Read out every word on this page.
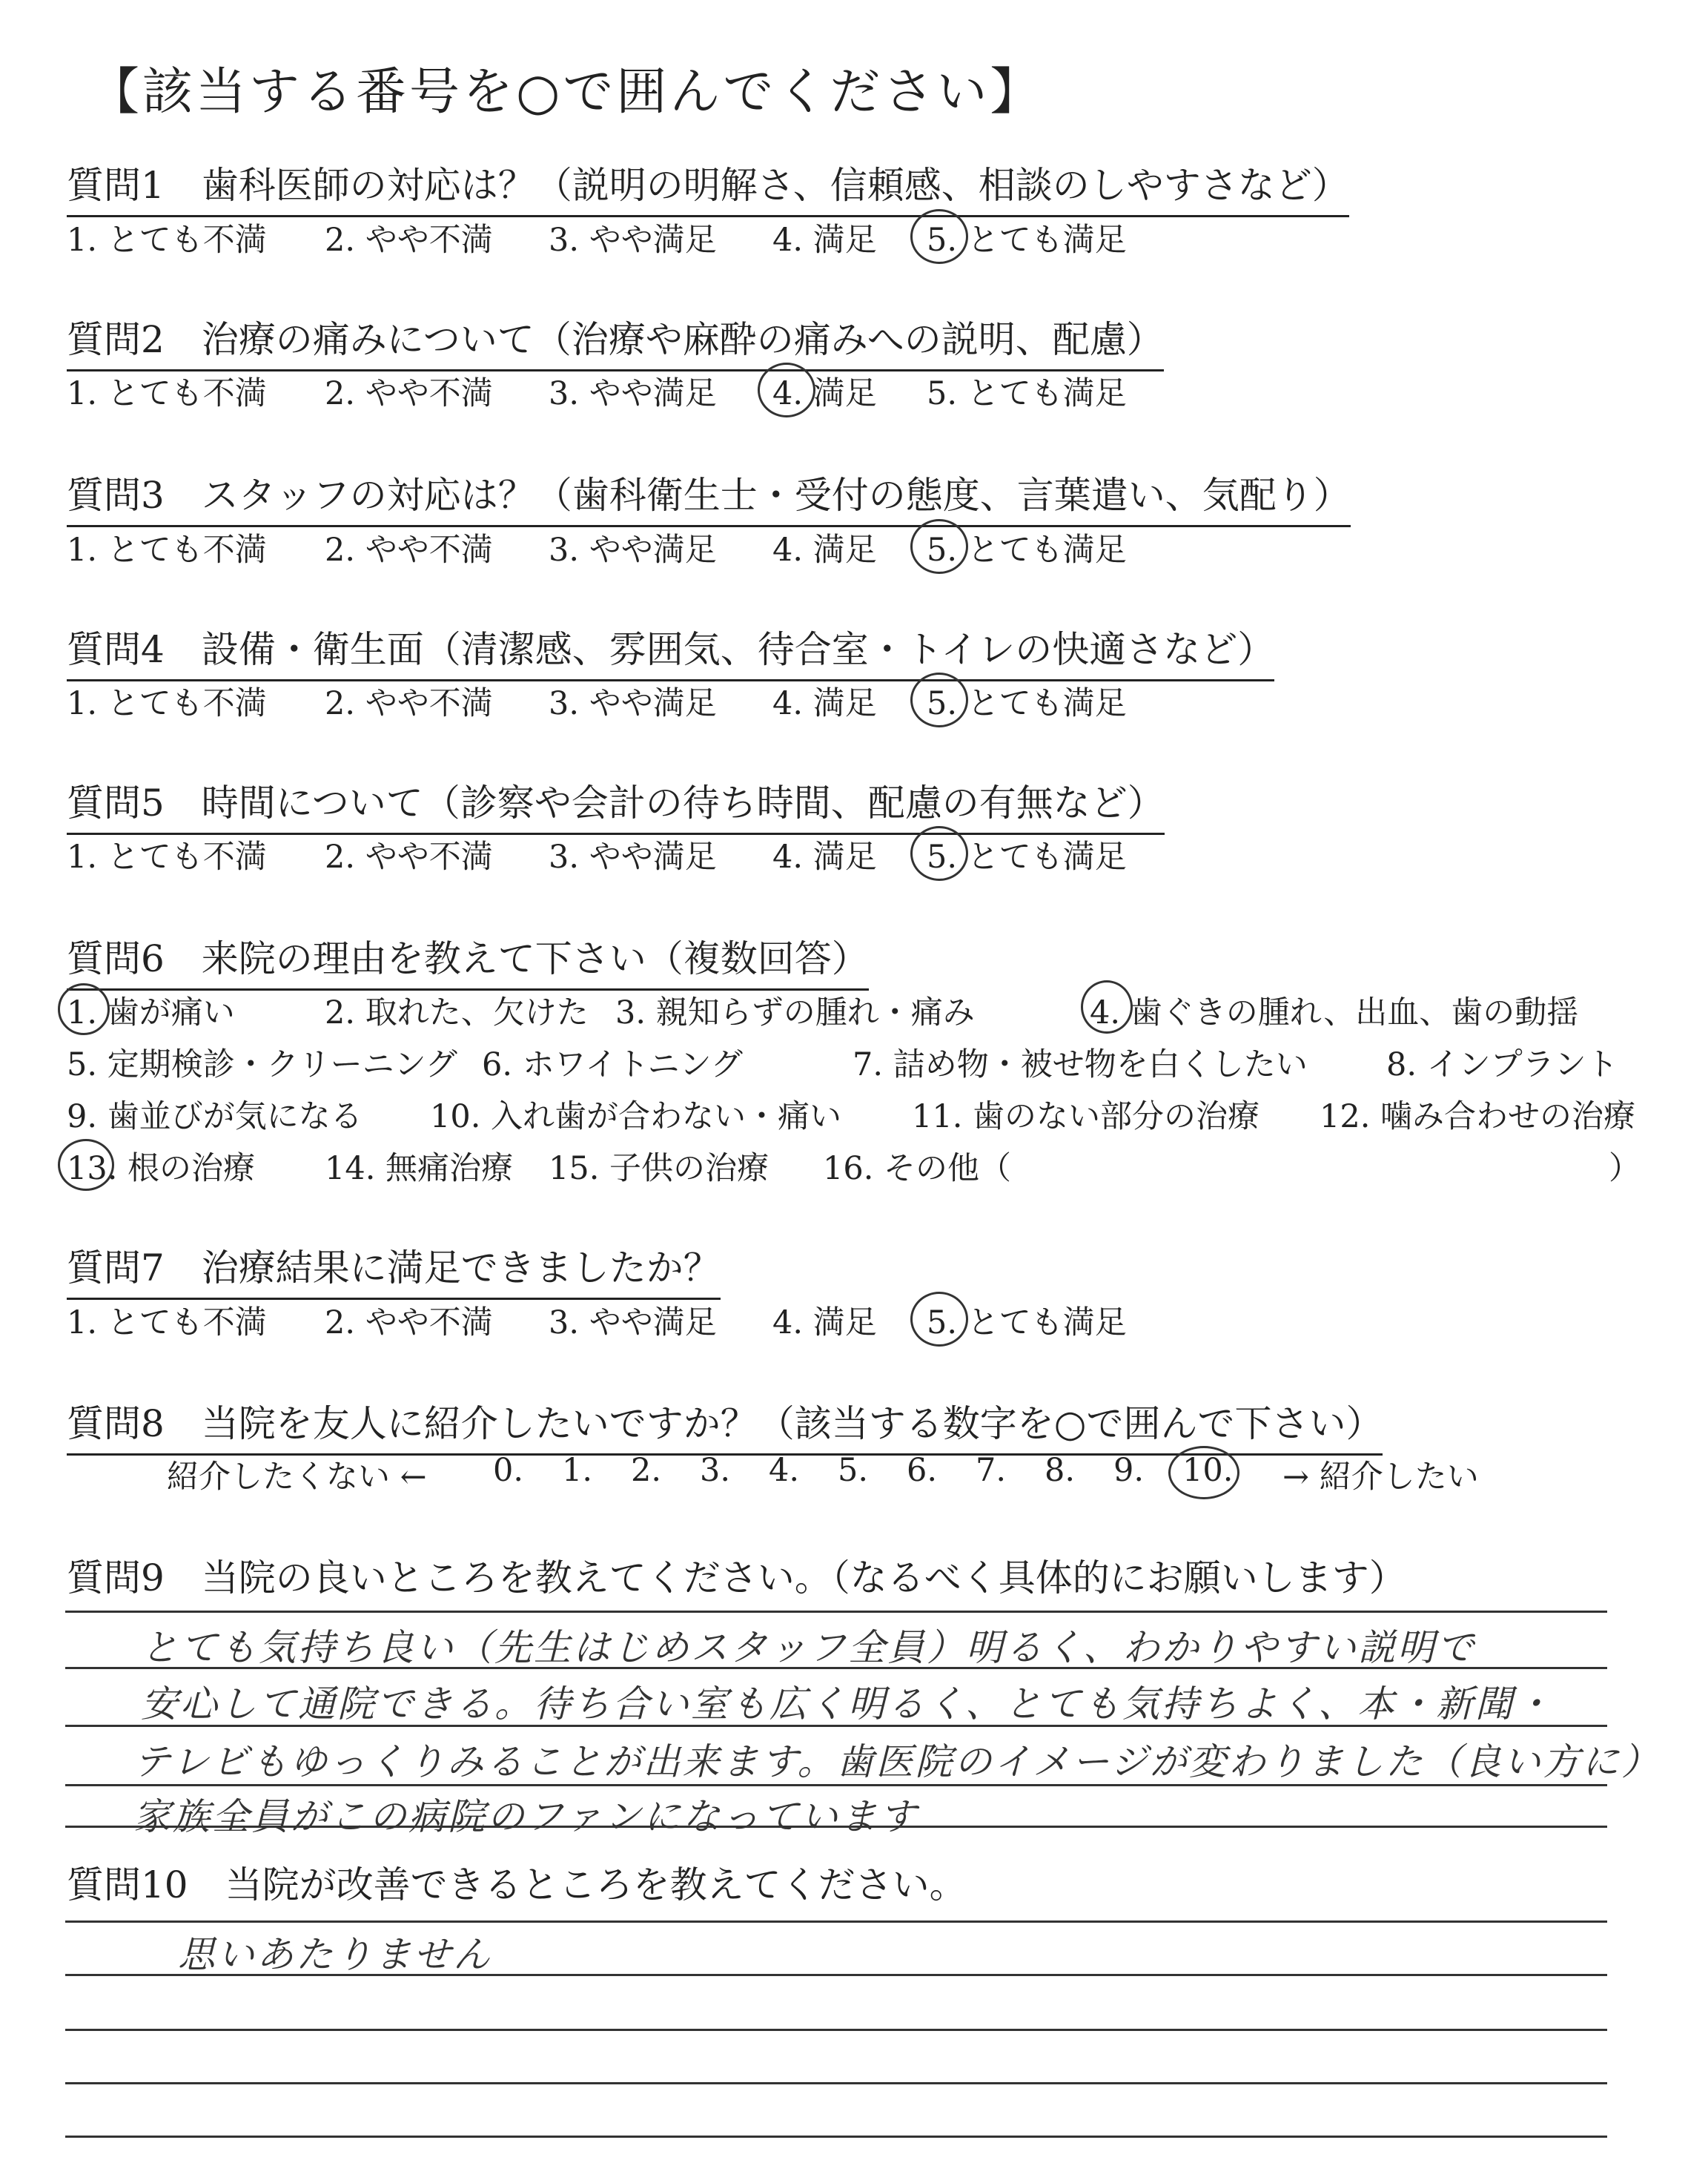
【該当する番号を○で囲んでください】
質問1　歯科医師の対応は？（説明の明解さ、信頼感、相談のしやすさなど）
1. とても不満 2. やや不満 3. やや満足 4. 満足 5. とても満足
質問2　治療の痛みについて（治療や麻酔の痛みへの説明、配慮）
1. とても不満 2. やや不満 3. やや満足 4. 満足 5. とても満足
質問3　スタッフの対応は？（歯科衛生士・受付の態度、言葉遣い、気配り）
1. とても不満 2. やや不満 3. やや満足 4. 満足 5. とても満足
質問4　設備・衛生面（清潔感、雰囲気、待合室・トイレの快適さなど）
1. とても不満 2. やや不満 3. やや満足 4. 満足 5. とても満足
質問5　時間について（診察や会計の待ち時間、配慮の有無など）
1. とても不満 2. やや不満 3. やや満足 4. 満足 5. とても満足
質問6　来院の理由を教えて下さい（複数回答）
1. 歯が痛い	2. 取れた、欠けた 3. 親知らずの腫れ・痛み	4. 歯ぐきの腫れ、出血、歯の動揺
5. 定期検診・クリーニング 6. ホワイトニング	7. 詰め物・被せ物を白くしたい 8. インプラント
9. 歯並びが気になる 10. 入れ歯が合わない・痛い 11. 歯のない部分の治療 12. 噛み合わせの治療
13. 根の治療 14. 無痛治療 15. 子供の治療 16. その他（	）
質問7　治療結果に満足できましたか？
1. とても不満 2. やや不満 3. やや満足 4. 満足 5. とても満足
質問8　当院を友人に紹介したいですか？（該当する数字を○で囲んで下さい）
紹介したくない ← 0. 1. 2. 3. 4. 5. 6. 7. 8. 9. 10. → 紹介したい
質問9　当院の良いところを教えてください。（なるべく具体的にお願いします）
とても気持ち良い（先生はじめスタッフ全員）明るく、わかりやすい説明で
安心して通院できる。待ち合い室も広く明るく、とても気持ちよく、本・新聞・
テレビもゆっくりみることが出来ます。歯医院のイメージが変わりました（良い方に）
家族全員がこの病院のファンになっています
質問10　当院が改善できるところを教えてください。
思いあたりません
